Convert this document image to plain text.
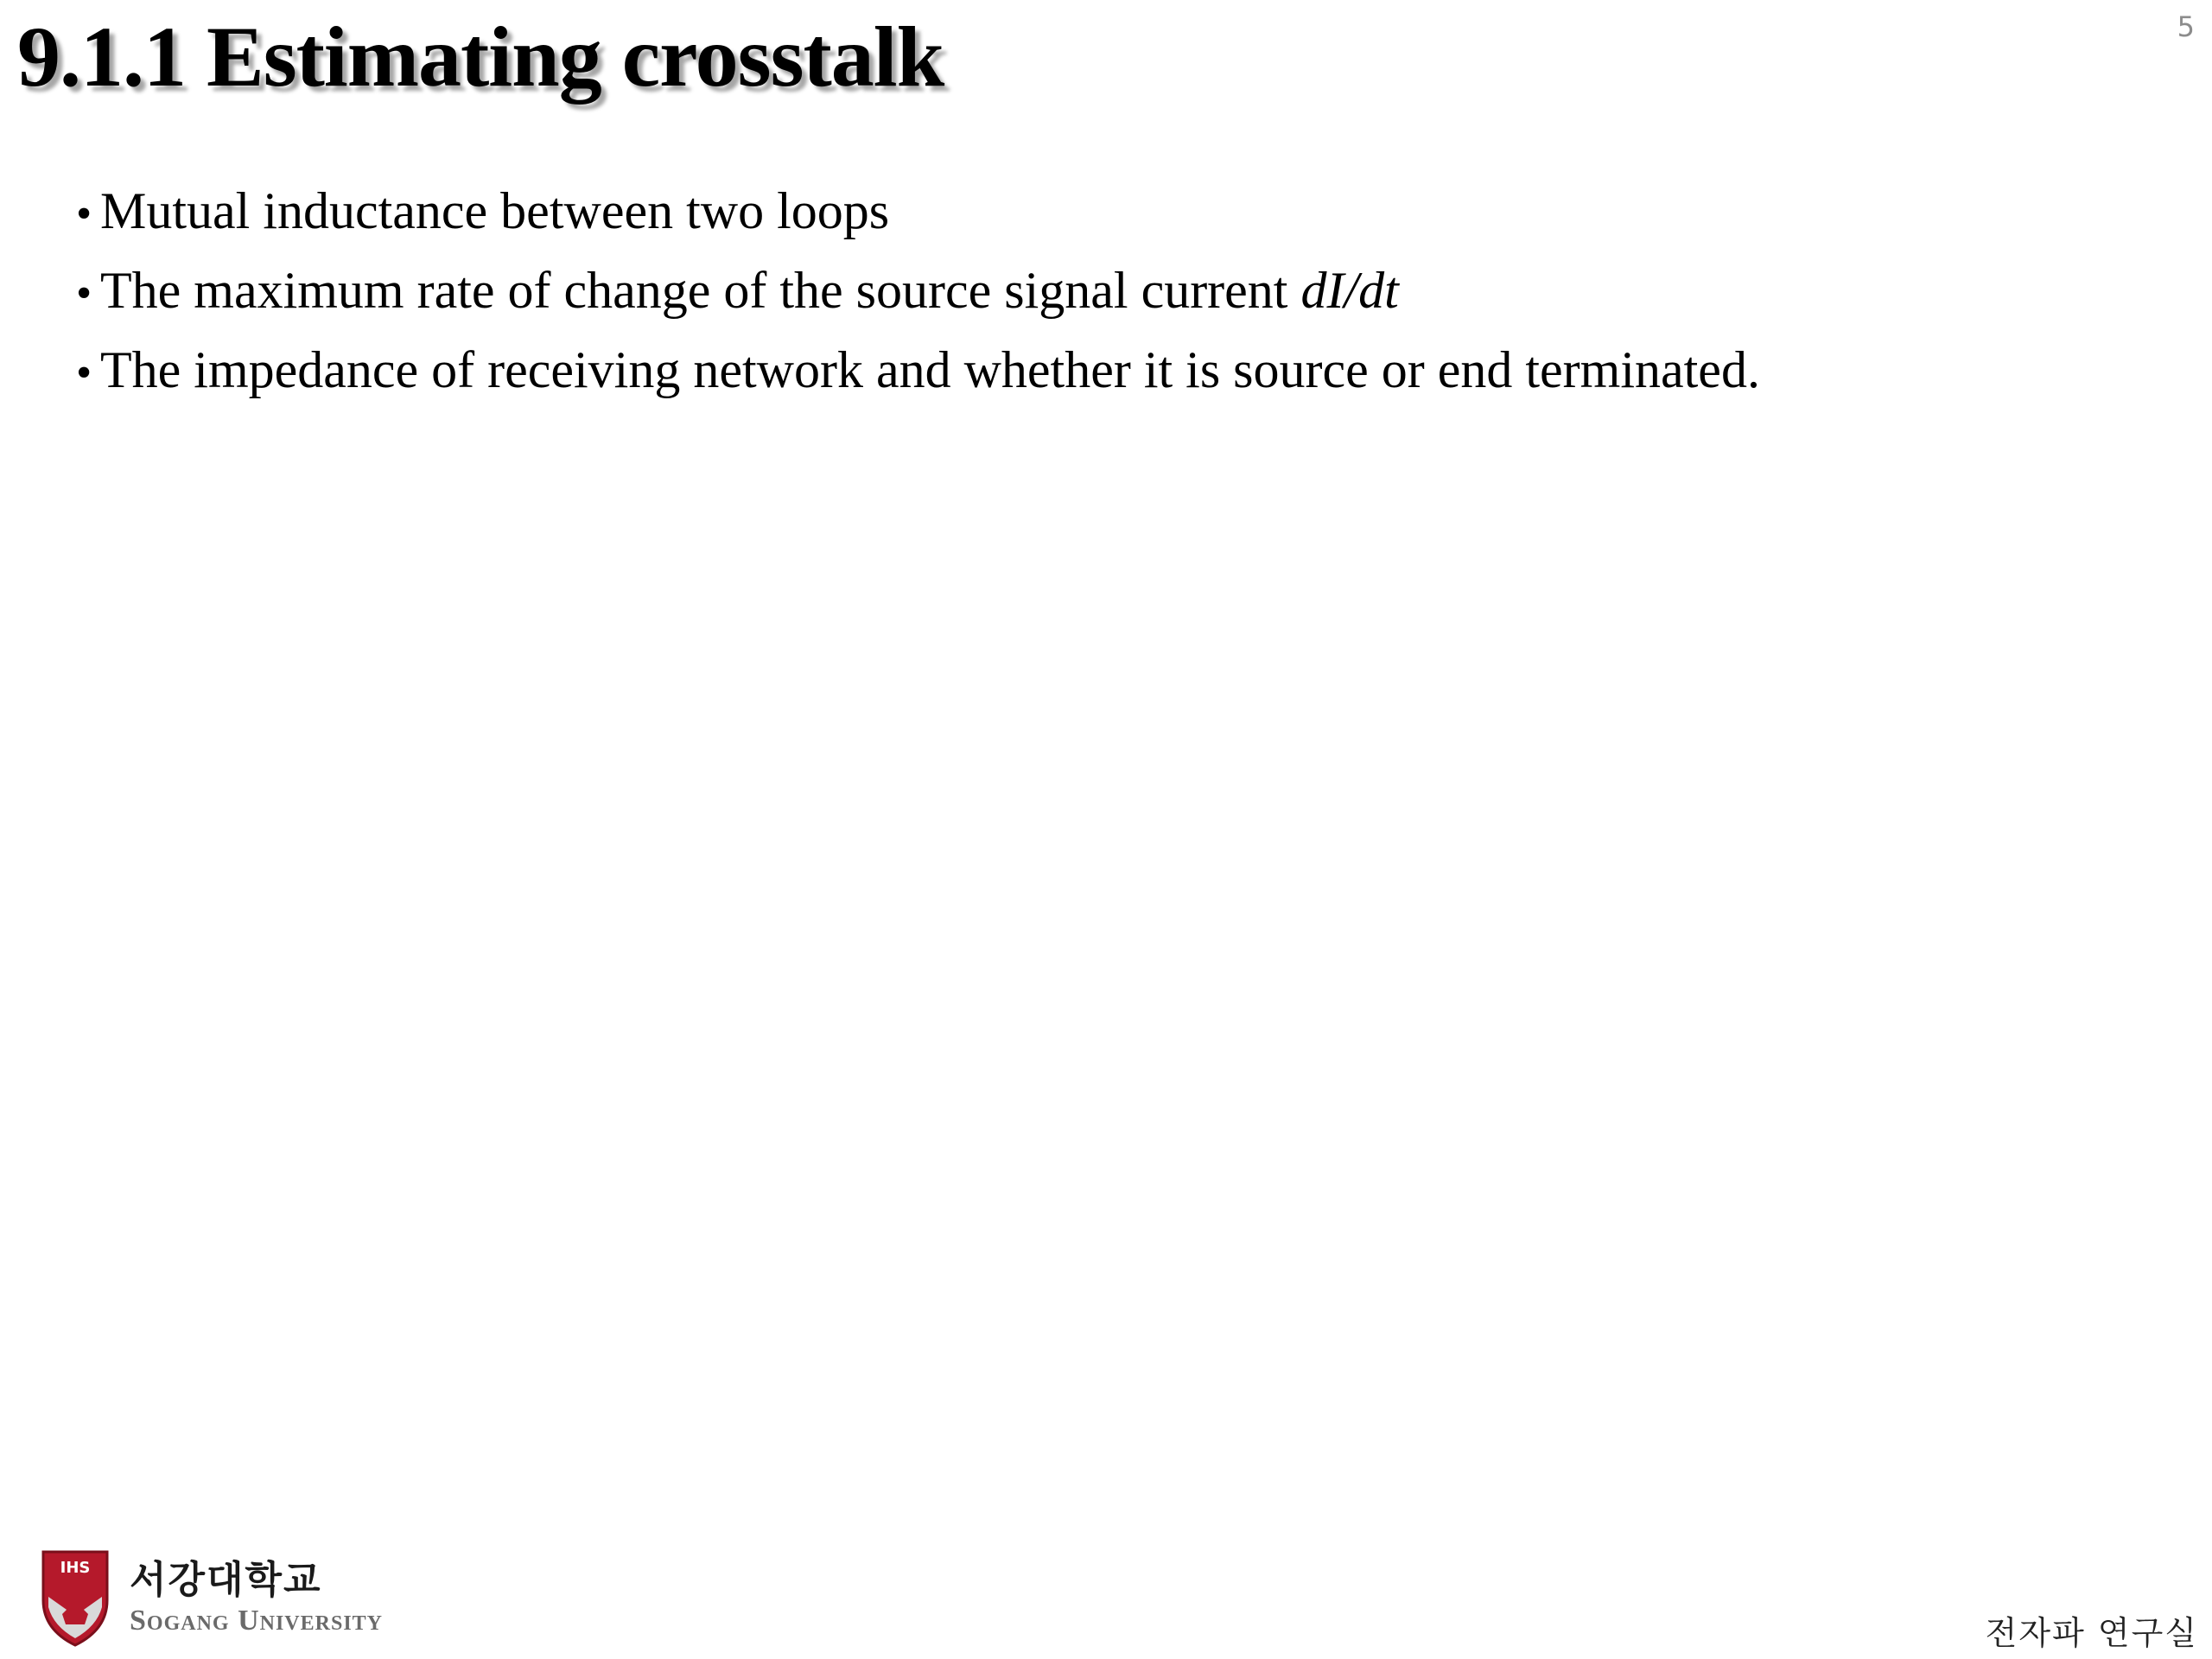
9.1.1 Estimating crosstalk	5
• Mutual inductance between two loops
• The maximum rate of change of the source signal current dI/dt
• The impedance of receiving network and whether it is source or end terminated.
IHS 서강대학교
Sogang University	전자파 연구실
